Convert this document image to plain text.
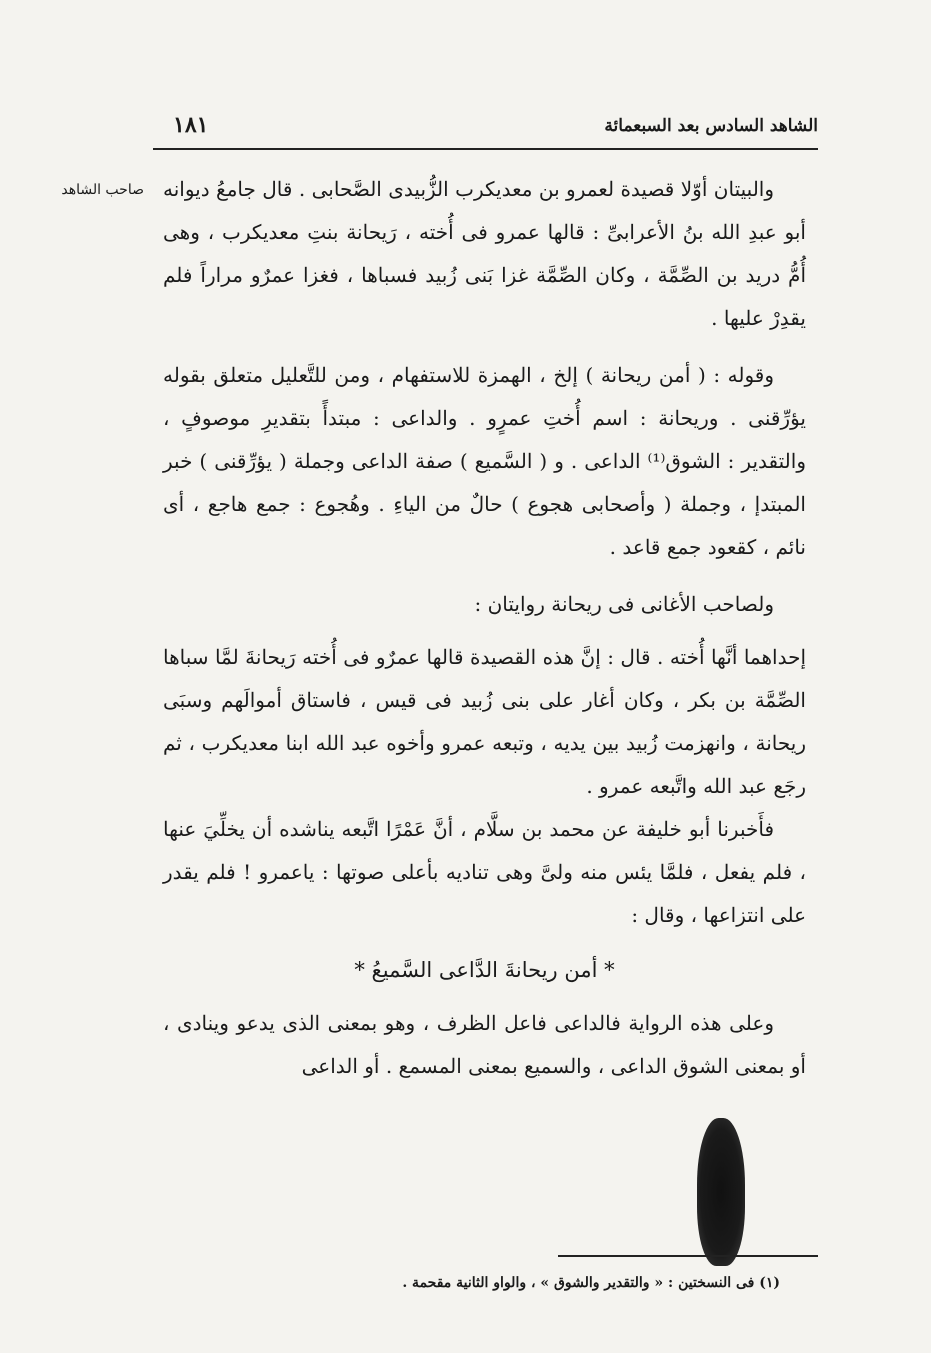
الشاهد السادس بعد السبعمائة
١٨١
صاحب الشاهد والبيتان أوّلا قصيدة لعمرو بن معديكرب الزُّبيدى الصَّحابى . قال جامعُ ديوانه أبو عبدِ الله بنُ الأعرابىِّ : قالها عمرو فى أُخته ، رَيحانة بنتِ معديكرب ، وهى أُمُّ دريد بن الصِّمَّة ، وكان الصِّمَّة غزا بَنى زُبيد فسباها ، فغزا عمرٌو مراراً فلم يقدِرْ عليها .

وقوله : ( أمن ريحانة ) إلخ ، الهمزة للاستفهام ، ومن للتَّعليل متعلق بقوله يؤرِّقنى . وريحانة : اسم أُختِ عمرٍو . والداعى : مبتدأً بتقديرِ موصوفٍ ، والتقدير : الشوق⁽¹⁾ الداعى . و ( السَّميع ) صفة الداعى وجملة ( يؤرِّقنى ) خبر المبتدإ ، وجملة ( وأصحابى هجوع ) حالٌ من الياءِ . وهُجوع : جمع هاجع ، أى نائم ، كقعود جمع قاعد .

ولصاحب الأغانى فى ريحانة روايتان :

إحداهما أنَّها أُخته . قال : إنَّ هذه القصيدة قالها عمرٌو فى أُخته رَيحانةَ لمَّا سباها الصِّمَّة بن بكر ، وكان أغار على بنى زُبيد فى قيس ، فاستاق أموالَهم وسبَى ريحانة ، وانهزمت زُبيد بين يديه ، وتبعه عمرو وأخوه عبد الله ابنا معديكرب ، ثم رجَع عبد الله واتَّبعه عمرو .

فأَخبرنا أبو خليفة عن محمد بن سلَّام ، أنَّ عَمْرًا اتَّبعه يناشده أن يخلِّيَ عنها ، فلم يفعل ، فلمَّا يئس منه ولىَّ وهى تناديه بأعلى صوتها : ياعمرو ! فلم يقدر على انتزاعها ، وقال :

* أمن ريحانةَ الدَّاعى السَّميعُ *

وعلى هذه الرواية فالداعى فاعل الظرف ، وهو بمعنى الذى يدعو وينادى ، أو بمعنى الشوق الداعى ، والسميع بمعنى المسمع . أو الداعى

(١) فى النسختين : « والتقدير والشوق » ، والواو الثانية مقحمة .
